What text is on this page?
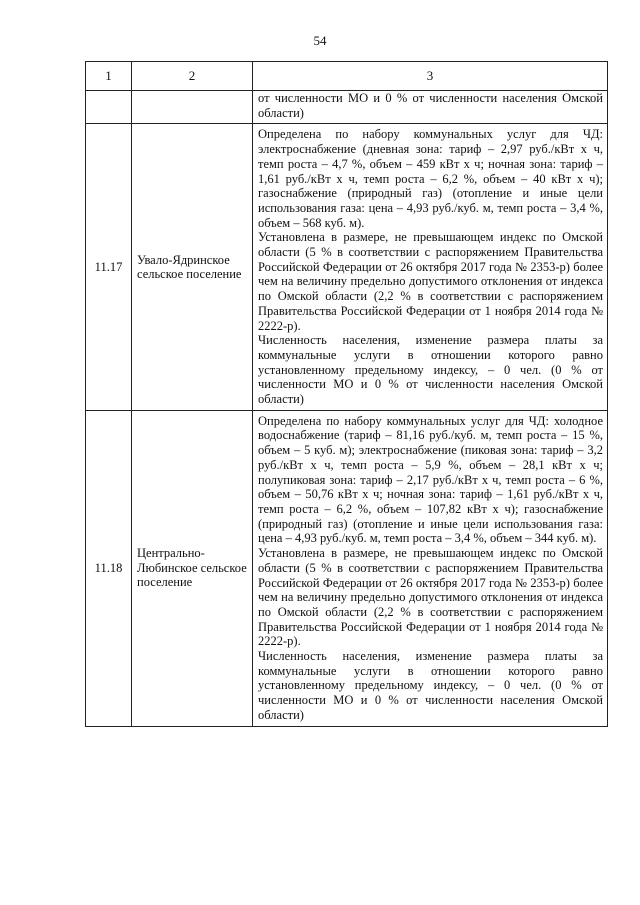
54
1	2	3

		от численности МО и 0 % от численности населения Омской области)

11.17	Увало-Ядринское сельское поселение	Определена по набору коммунальных услуг для ЧД: электроснабжение (дневная зона: тариф – 2,97 руб./кВт х ч, темп роста – 4,7 %, объем – 459 кВт х ч; ночная зона: тариф – 1,61 руб./кВт х ч, темп роста – 6,2 %, объем – 40 кВт х ч); газоснабжение (природный газ) (отопление и иные цели использования газа: цена – 4,93 руб./куб. м, темп роста – 3,4 %, объем – 568 куб. м).

Установлена в размере, не превышающем индекс по Омской области (5 % в соответствии с распоряжением Правительства Российской Федерации от 26 октября 2017 года № 2353-р) более чем на величину предельно допустимого отклонения от индекса по Омской области (2,2 % в соответствии с распоряжением Правительства Российской Федерации от 1 ноября 2014 года № 2222-р).

Численность населения, изменение размера платы за коммунальные услуги в отношении которого равно установленному предельному индексу, – 0 чел. (0 % от численности МО и 0 % от численности населения Омской области)

11.18	Центрально-Любинское сельское поселение	Определена по набору коммунальных услуг для ЧД: холодное водоснабжение (тариф – 81,16 руб./куб. м, темп роста – 15 %, объем – 5 куб. м); электроснабжение (пиковая зона: тариф – 3,2 руб./кВт х ч, темп роста – 5,9 %, объем – 28,1 кВт х ч; полупиковая зона: тариф – 2,17 руб./кВт х ч, темп роста – 6 %, объем – 50,76 кВт х ч; ночная зона: тариф – 1,61 руб./кВт х ч, темп роста – 6,2 %, объем – 107,82 кВт х ч); газоснабжение (природный газ) (отопление и иные цели использования газа: цена – 4,93 руб./куб. м, темп роста – 3,4 %, объем – 344 куб. м).

Установлена в размере, не превышающем индекс по Омской области (5 % в соответствии с распоряжением Правительства Российской Федерации от 26 октября 2017 года № 2353-р) более чем на величину предельно допустимого отклонения от индекса по Омской области (2,2 % в соответствии с распоряжением Правительства Российской Федерации от 1 ноября 2014 года № 2222-р).

Численность населения, изменение размера платы за коммунальные услуги в отношении которого равно установленному предельному индексу, – 0 чел. (0 % от численности МО и 0 % от численности населения Омской области)
